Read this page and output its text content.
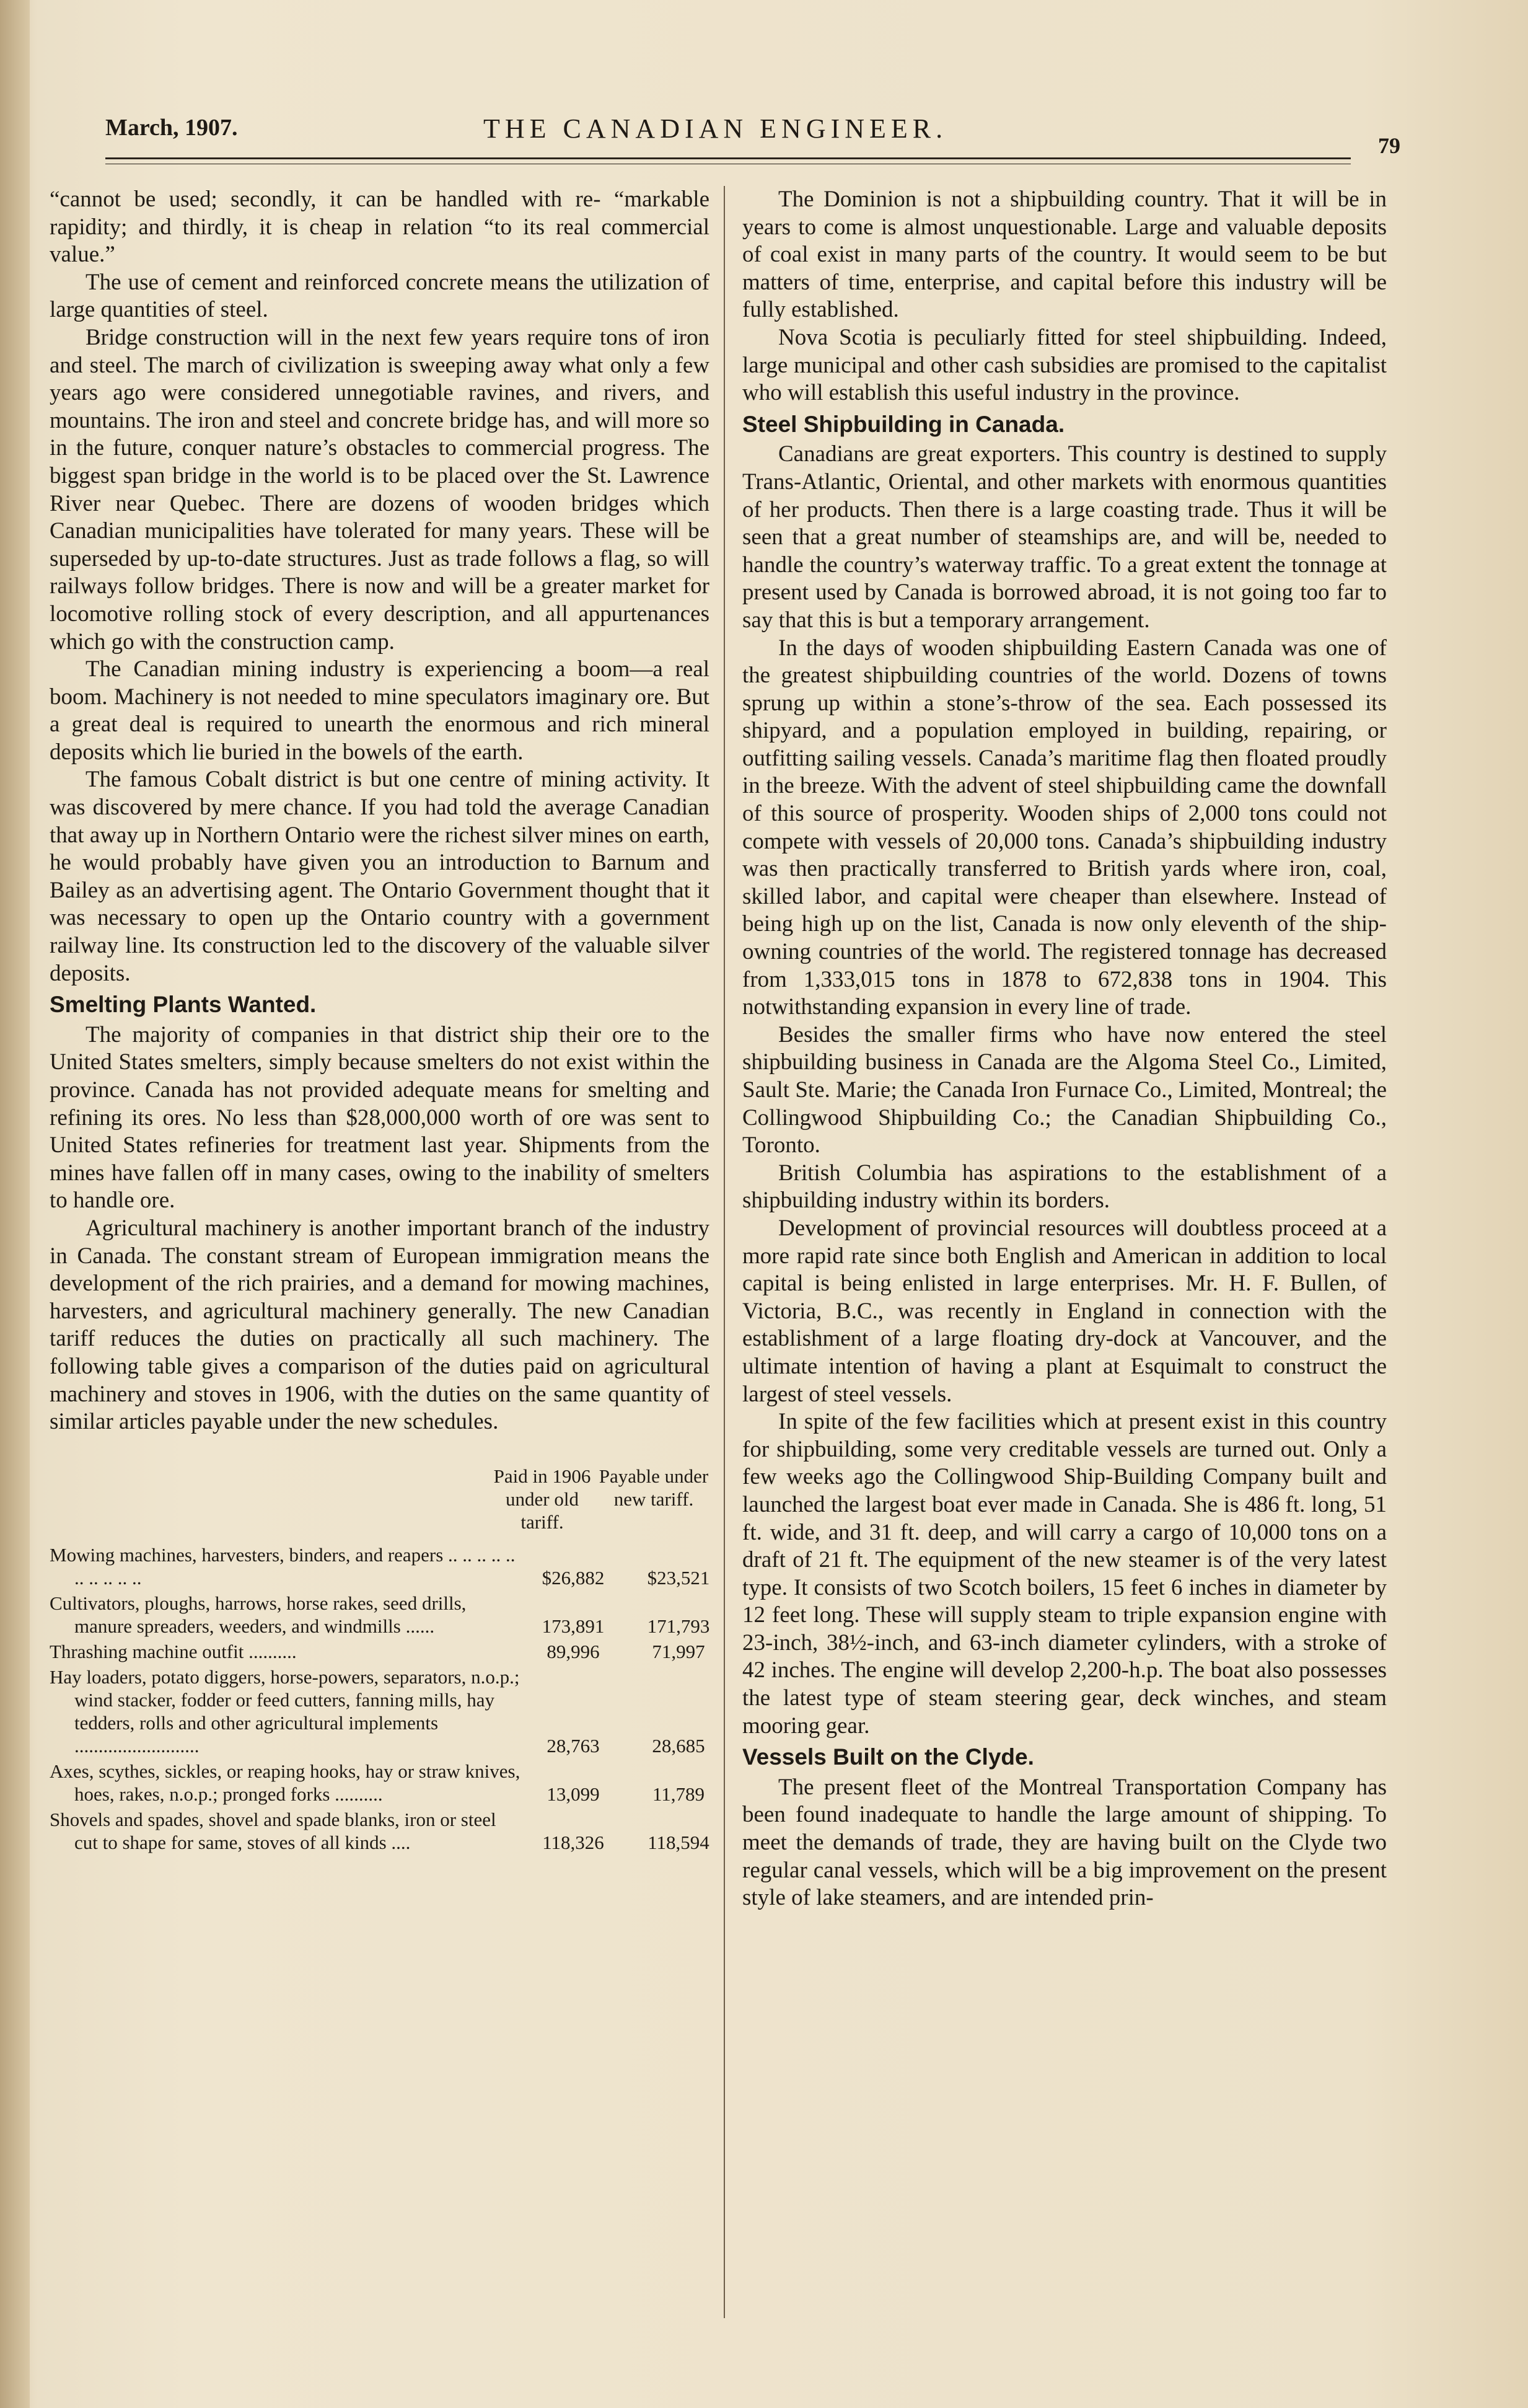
March, 1907.	THE CANADIAN ENGINEER.
79

“cannot be used; secondly, it can be handled with re- “markable rapidity; and thirdly, it is cheap in relation “to its real commercial value.”

The use of cement and reinforced concrete means the utilization of large quantities of steel.

Bridge construction will in the next few years require tons of iron and steel. The march of civilization is sweeping away what only a few years ago were considered unnegotiable ravines, and rivers, and mountains. The iron and steel and concrete bridge has, and will more so in the future, conquer nature’s obstacles to commercial progress. The biggest span bridge in the world is to be placed over the St. Lawrence River near Quebec. There are dozens of wooden bridges which Canadian municipalities have tolerated for many years. These will be superseded by up-to-date structures. Just as trade follows a flag, so will railways follow bridges. There is now and will be a greater market for locomotive rolling stock of every description, and all appurtenances which go with the construction camp.

The Canadian mining industry is experiencing a boom—a real boom. Machinery is not needed to mine speculators imaginary ore. But a great deal is required to unearth the enormous and rich mineral deposits which lie buried in the bowels of the earth.

The famous Cobalt district is but one centre of mining activity. It was discovered by mere chance. If you had told the average Canadian that away up in Northern Ontario were the richest silver mines on earth, he would probably have given you an introduction to Barnum and Bailey as an advertising agent. The Ontario Government thought that it was necessary to open up the Ontario country with a government railway line. Its construction led to the discovery of the valuable silver deposits.

Smelting Plants Wanted.

The majority of companies in that district ship their ore to the United States smelters, simply because smelters do not exist within the province. Canada has not provided adequate means for smelting and refining its ores. No less than $28,000,000 worth of ore was sent to United States refineries for treatment last year. Shipments from the mines have fallen off in many cases, owing to the inability of smelters to handle ore.

Agricultural machinery is another important branch of the industry in Canada. The constant stream of European immigration means the development of the rich prairies, and a demand for mowing machines, harvesters, and agricultural machinery generally. The new Canadian tariff reduces the duties on practically all such machinery. The following table gives a comparison of the duties paid on agricultural machinery and stoves in 1906, with the duties on the same quantity of similar articles payable under the new schedules.

Paid in 1906 under old tariff.
Payable under new tariff.
Mowing machines, harvesters, binders, and reapers .. .. .. .. .. .. .. .. .. ..	$26,882	$23,521
Cultivators, ploughs, harrows, horse rakes, seed drills, manure spreaders, weeders, and windmills ......	173,891	171,793
Thrashing machine outfit ..........	89,996	71,997
Hay loaders, potato diggers, horse-powers, separators, n.o.p.; wind stacker, fodder or feed cutters, fanning mills, hay tedders, rolls and other agricultural implements ..........................	28,763	28,685
Axes, scythes, sickles, or reaping hooks, hay or straw knives, hoes, rakes, n.o.p.; pronged forks ..........	13,099	11,789
Shovels and spades, shovel and spade blanks, iron or steel cut to shape for same, stoves of all kinds ....	118,326	118,594

The Dominion is not a shipbuilding country. That it will be in years to come is almost unquestionable. Large and valuable deposits of coal exist in many parts of the country. It would seem to be but matters of time, enterprise, and capital before this industry will be fully established.

Nova Scotia is peculiarly fitted for steel shipbuilding. Indeed, large municipal and other cash subsidies are promised to the capitalist who will establish this useful industry in the province.

Steel Shipbuilding in Canada.

Canadians are great exporters. This country is destined to supply Trans-Atlantic, Oriental, and other markets with enormous quantities of her products. Then there is a large coasting trade. Thus it will be seen that a great number of steamships are, and will be, needed to handle the country’s waterway traffic. To a great extent the tonnage at present used by Canada is borrowed abroad, it is not going too far to say that this is but a temporary arrangement.

In the days of wooden shipbuilding Eastern Canada was one of the greatest shipbuilding countries of the world. Dozens of towns sprung up within a stone’s-throw of the sea. Each possessed its shipyard, and a population employed in building, repairing, or outfitting sailing vessels. Canada’s maritime flag then floated proudly in the breeze. With the advent of steel shipbuilding came the downfall of this source of prosperity. Wooden ships of 2,000 tons could not compete with vessels of 20,000 tons. Canada’s shipbuilding industry was then practically transferred to British yards where iron, coal, skilled labor, and capital were cheaper than elsewhere. Instead of being high up on the list, Canada is now only eleventh of the ship-owning countries of the world. The registered tonnage has decreased from 1,333,015 tons in 1878 to 672,838 tons in 1904. This notwithstanding expansion in every line of trade.

Besides the smaller firms who have now entered the steel shipbuilding business in Canada are the Algoma Steel Co., Limited, Sault Ste. Marie; the Canada Iron Furnace Co., Limited, Montreal; the Collingwood Shipbuilding Co.; the Canadian Shipbuilding Co., Toronto.

British Columbia has aspirations to the establishment of a shipbuilding industry within its borders.

Development of provincial resources will doubtless proceed at a more rapid rate since both English and American in addition to local capital is being enlisted in large enterprises. Mr. H. F. Bullen, of Victoria, B.C., was recently in England in connection with the establishment of a large floating dry-dock at Vancouver, and the ultimate intention of having a plant at Esquimalt to construct the largest of steel vessels.

In spite of the few facilities which at present exist in this country for shipbuilding, some very creditable vessels are turned out. Only a few weeks ago the Collingwood Ship-Building Company built and launched the largest boat ever made in Canada. She is 486 ft. long, 51 ft. wide, and 31 ft. deep, and will carry a cargo of 10,000 tons on a draft of 21 ft. The equipment of the new steamer is of the very latest type. It consists of two Scotch boilers, 15 feet 6 inches in diameter by 12 feet long. These will supply steam to triple expansion engine with 23-inch, 38½-inch, and 63-inch diameter cylinders, with a stroke of 42 inches. The engine will develop 2,200-h.p. The boat also possesses the latest type of steam steering gear, deck winches, and steam mooring gear.

Vessels Built on the Clyde.

The present fleet of the Montreal Transportation Company has been found inadequate to handle the large amount of shipping. To meet the demands of trade, they are having built on the Clyde two regular canal vessels, which will be a big improvement on the present style of lake steamers, and are intended prin-
